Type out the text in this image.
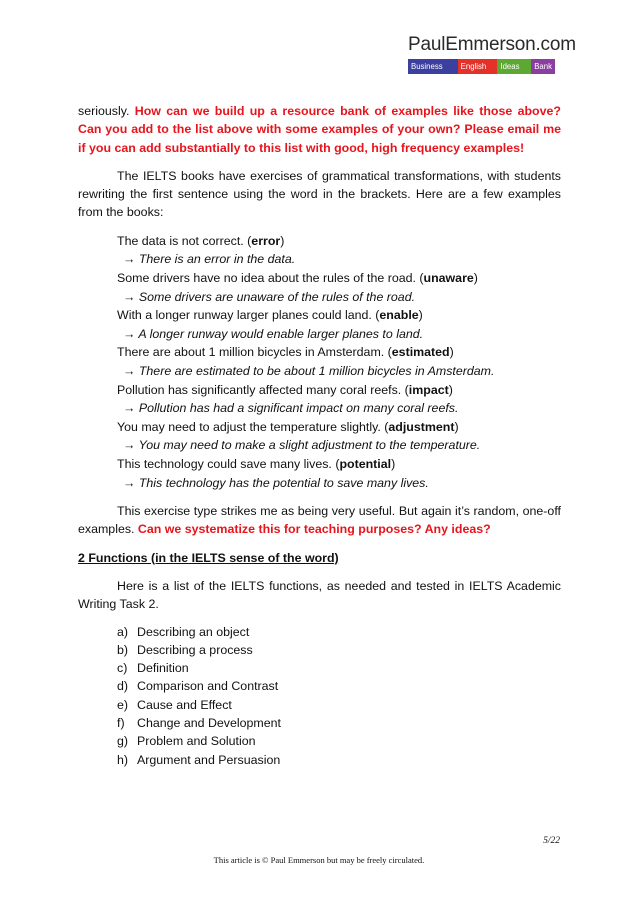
PaulEmmerson.com
Business	English	Ideas	Bank

seriously. How can we build up a resource bank of examples like those above? Can you add to the list above with some examples of your own? Please email me if you can add substantially to this list with good, high frequency examples!

The IELTS books have exercises of grammatical transformations, with students rewriting the first sentence using the word in the brackets. Here are a few examples from the books:

The data is not correct. (error)
→ There is an error in the data.
Some drivers have no idea about the rules of the road. (unaware)
→ Some drivers are unaware of the rules of the road.
With a longer runway larger planes could land. (enable)
→ A longer runway would enable larger planes to land.
There are about 1 million bicycles in Amsterdam. (estimated)
→ There are estimated to be about 1 million bicycles in Amsterdam.
Pollution has significantly affected many coral reefs. (impact)
→ Pollution has had a significant impact on many coral reefs.
You may need to adjust the temperature slightly. (adjustment)
→ You may need to make a slight adjustment to the temperature.
This technology could save many lives. (potential)
→ This technology has the potential to save many lives.

This exercise type strikes me as being very useful. But again it’s random, one-off examples. Can we systematize this for teaching purposes? Any ideas?

2 Functions (in the IELTS sense of the word)

Here is a list of the IELTS functions, as needed and tested in IELTS Academic Writing Task 2.

a) Describing an object
b) Describing a process
c) Definition
d) Comparison and Contrast
e) Cause and Effect
f)	Change and Development
g) Problem and Solution
h) Argument and Persuasion
5/22
This article is © Paul Emmerson but may be freely circulated.
